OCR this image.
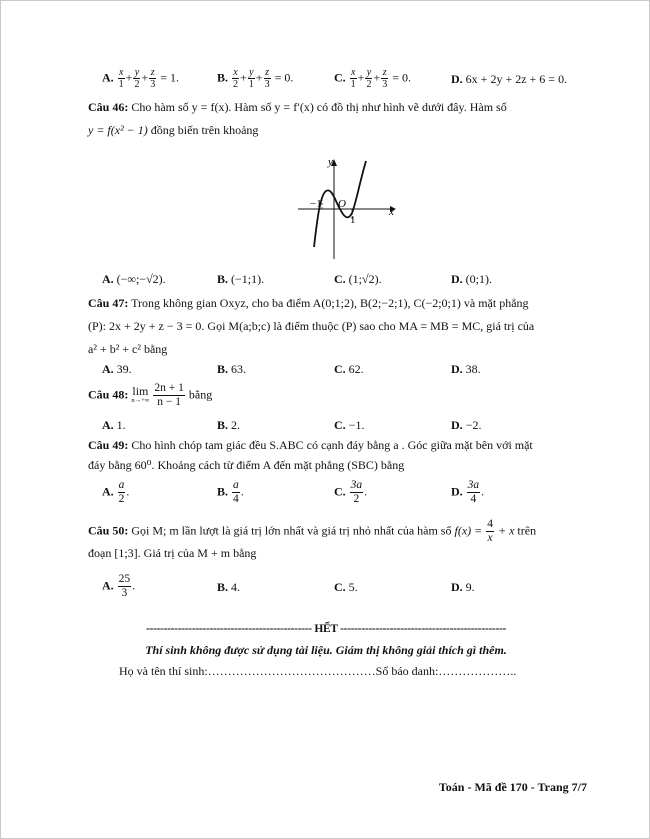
A. $\frac{x}{1} + \frac{y}{2} + \frac{z}{3} = 1$.	B. $\frac{x}{2} + \frac{y}{1} + \frac{z}{3} = 0$.	C. $\frac{x}{1} + \frac{y}{2} + \frac{z}{3} = 0$.	D. 6x + 2y + 2z + 6 = 0.
Câu 46: Cho hàm số y = f(x). Hàm số y = f′(x) có đồ thị như hình vẽ dưới đây. Hàm số
y = f(x² − 1) đồng biến trên khoảng
y
x
O
−1
1
A. (−∞;−√2).	B. (−1;1).	C. (1;√2).	D. (0;1).
Câu 47: Trong không gian Oxyz, cho ba điểm A(0;1;2), B(2;−2;1), C(−2;0;1) và mặt phẳng
(P): 2x + 2y + z − 3 = 0. Gọi M(a;b;c) là điểm thuộc (P) sao cho MA = MB = MC, giá trị của
a² + b² + c² bằng
A. 39.	B. 63.	C. 62.	D. 38.
Câu 48: lim
n→+∞
$\frac{2n + 1}{n - 1}$ bằng
A. 1.	B. 2.	C. −1.	D. −2.
Câu 49: Cho hình chóp tam giác đều S.ABC có cạnh đáy bằng a . Góc giữa mặt bên với mặt
đáy bằng 60⁰. Khoảng cách từ điểm A đến mặt phẳng (SBC) bằng
A. $\frac{a}{2}$ .	B. $\frac{a}{4}$ .	C. $\frac{3a}{2}$ .	D. $\frac{3a}{4}$ .
Câu 50: Gọi M; m lần lượt là giá trị lớn nhất và giá trị nhỏ nhất của hàm số $f(x) = \frac{4}{x} + x$ trên
đoạn [1;3]. Giá trị của M + m bằng
A. $\frac{25}{3}$ .	B. 4.	C. 5.	D. 9.
----------------------------------------------- HẾT -----------------------------------------------
Thí sinh không được sử dụng tài liệu. Giám thị không giải thích gì thêm.
Họ và tên thí sinh:……………………………………Số báo danh:………………..
Toán - Mã đề 170 - Trang 7/7
